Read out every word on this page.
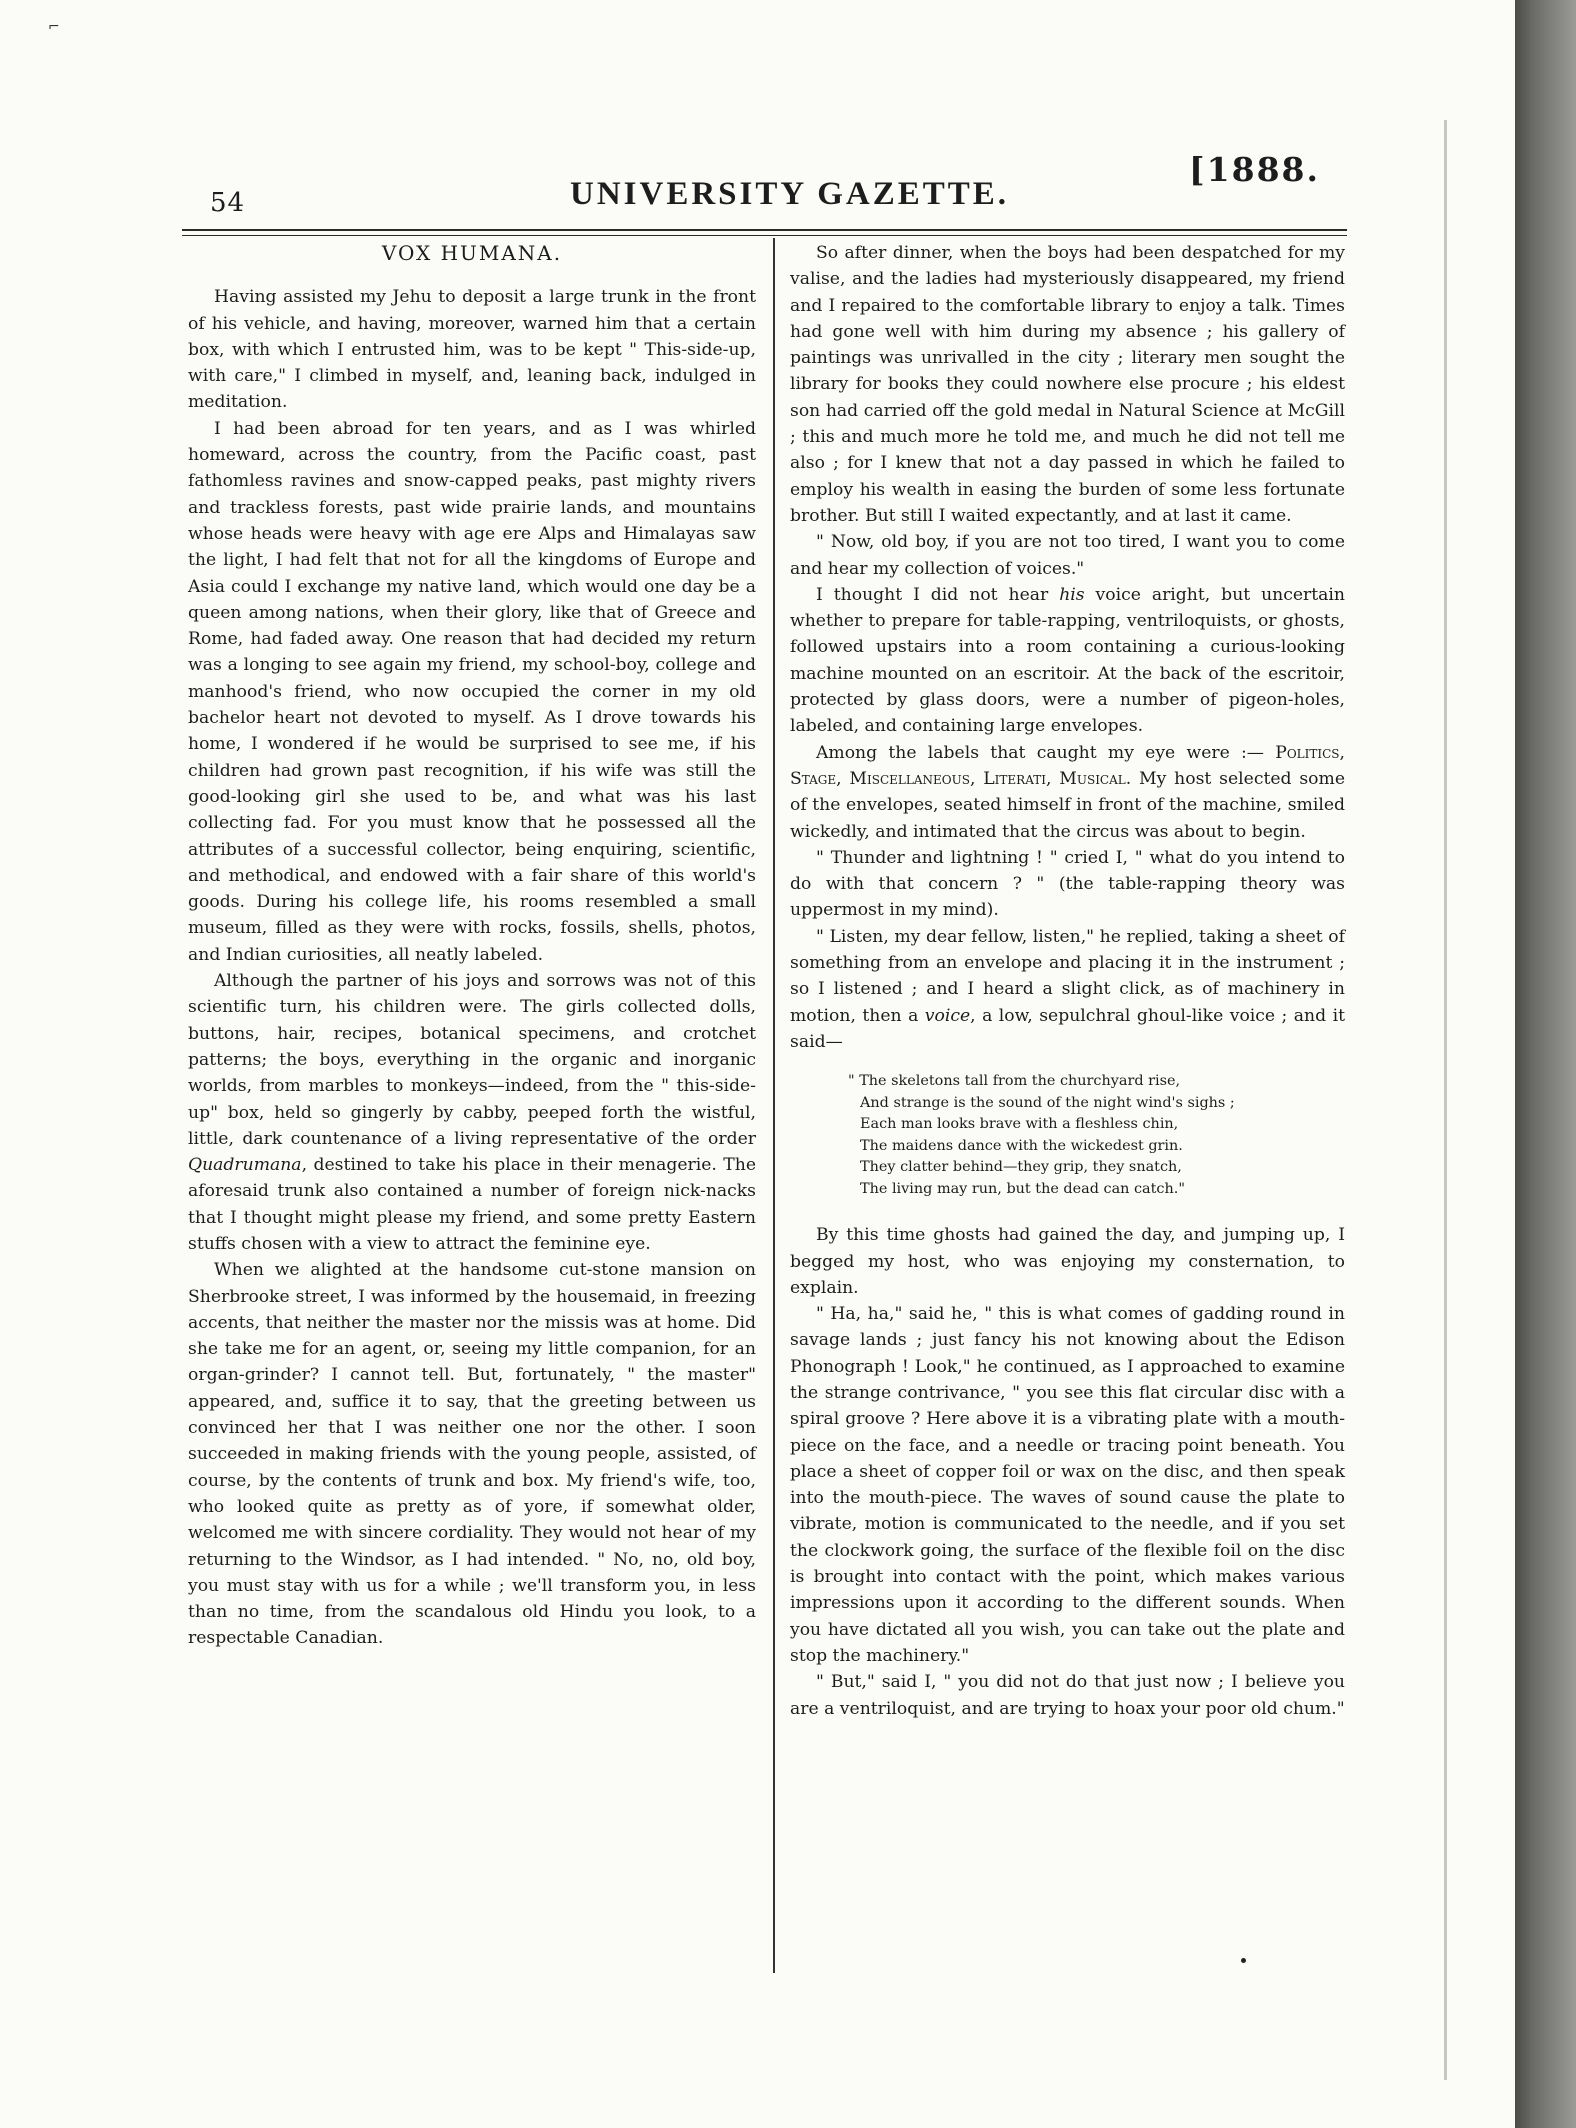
⌐
54	UNIVERSITY GAZETTE.
[1888.
VOX HUMANA.

Having assisted my Jehu to deposit a large trunk in the front of his vehicle, and having, moreover, warned him that a certain box, with which I entrusted him, was to be kept " This-side-up, with care," I climbed in myself, and, leaning back, indulged in meditation.

I had been abroad for ten years, and as I was whirled homeward, across the country, from the Pacific coast, past fathomless ravines and snow-capped peaks, past mighty rivers and trackless forests, past wide prairie lands, and mountains whose heads were heavy with age ere Alps and Himalayas saw the light, I had felt that not for all the kingdoms of Europe and Asia could I exchange my native land, which would one day be a queen among nations, when their glory, like that of Greece and Rome, had faded away. One reason that had decided my return was a longing to see again my friend, my school-boy, college and manhood's friend, who now occupied the corner in my old bachelor heart not devoted to myself. As I drove towards his home, I wondered if he would be surprised to see me, if his children had grown past recognition, if his wife was still the good-looking girl she used to be, and what was his last collecting fad. For you must know that he possessed all the attributes of a successful collector, being enquiring, scientific, and methodical, and endowed with a fair share of this world's goods. During his college life, his rooms resembled a small museum, filled as they were with rocks, fossils, shells, photos, and Indian curiosities, all neatly labeled.

Although the partner of his joys and sorrows was not of this scientific turn, his children were. The girls collected dolls, buttons, hair, recipes, botanical specimens, and crotchet patterns; the boys, everything in the organic and inorganic worlds, from marbles to monkeys—indeed, from the " this-side-up" box, held so gingerly by cabby, peeped forth the wistful, little, dark countenance of a living representative of the order Quadrumana, destined to take his place in their menagerie. The aforesaid trunk also contained a number of foreign nick-nacks that I thought might please my friend, and some pretty Eastern stuffs chosen with a view to attract the feminine eye.

When we alighted at the handsome cut-stone mansion on Sherbrooke street, I was informed by the housemaid, in freezing accents, that neither the master nor the missis was at home. Did she take me for an agent, or, seeing my little companion, for an organ-grinder? I cannot tell. But, fortunately, " the master" appeared, and, suffice it to say, that the greeting between us convinced her that I was neither one nor the other. I soon succeeded in making friends with the young people, assisted, of course, by the contents of trunk and box. My friend's wife, too, who looked quite as pretty as of yore, if somewhat older, welcomed me with sincere cordiality. They would not hear of my returning to the Windsor, as I had intended. " No, no, old boy, you must stay with us for a while ; we'll transform you, in less than no time, from the scandalous old Hindu you look, to a respectable Canadian.

So after dinner, when the boys had been despatched for my valise, and the ladies had mysteriously disappeared, my friend and I repaired to the comfortable library to enjoy a talk. Times had gone well with him during my absence ; his gallery of paintings was unrivalled in the city ; literary men sought the library for books they could nowhere else procure ; his eldest son had carried off the gold medal in Natural Science at McGill ; this and much more he told me, and much he did not tell me also ; for I knew that not a day passed in which he failed to employ his wealth in easing the burden of some less fortunate brother. But still I waited expectantly, and at last it came.

" Now, old boy, if you are not too tired, I want you to come and hear my collection of voices."

I thought I did not hear his voice aright, but uncertain whether to prepare for table-rapping, ventriloquists, or ghosts, followed upstairs into a room containing a curious-looking machine mounted on an escritoir. At the back of the escritoir, protected by glass doors, were a number of pigeon-holes, labeled, and containing large envelopes.

Among the labels that caught my eye were :— Politics, Stage, Miscellaneous, Literati, Musical. My host selected some of the envelopes, seated himself in front of the machine, smiled wickedly, and intimated that the circus was about to begin.

" Thunder and lightning ! " cried I, " what do you intend to do with that concern ? " (the table-rapping theory was uppermost in my mind).

" Listen, my dear fellow, listen," he replied, taking a sheet of something from an envelope and placing it in the instrument ; so I listened ; and I heard a slight click, as of machinery in motion, then a voice, a low, sepulchral ghoul-like voice ; and it said—

" The skeletons tall from the churchyard rise,
And strange is the sound of the night wind's sighs ;
Each man looks brave with a fleshless chin,
The maidens dance with the wickedest grin.
They clatter behind—they grip, they snatch,
The living may run, but the dead can catch."

By this time ghosts had gained the day, and jumping up, I begged my host, who was enjoying my consternation, to explain.

" Ha, ha," said he, " this is what comes of gadding round in savage lands ; just fancy his not knowing about the Edison Phonograph ! Look," he continued, as I approached to examine the strange contrivance, " you see this flat circular disc with a spiral groove ? Here above it is a vibrating plate with a mouth-piece on the face, and a needle or tracing point beneath. You place a sheet of copper foil or wax on the disc, and then speak into the mouth-piece. The waves of sound cause the plate to vibrate, motion is communicated to the needle, and if you set the clockwork going, the surface of the flexible foil on the disc is brought into contact with the point, which makes various impressions upon it according to the different sounds. When you have dictated all you wish, you can take out the plate and stop the machinery."

" But," said I, " you did not do that just now ; I believe you are a ventriloquist, and are trying to hoax your poor old chum."
